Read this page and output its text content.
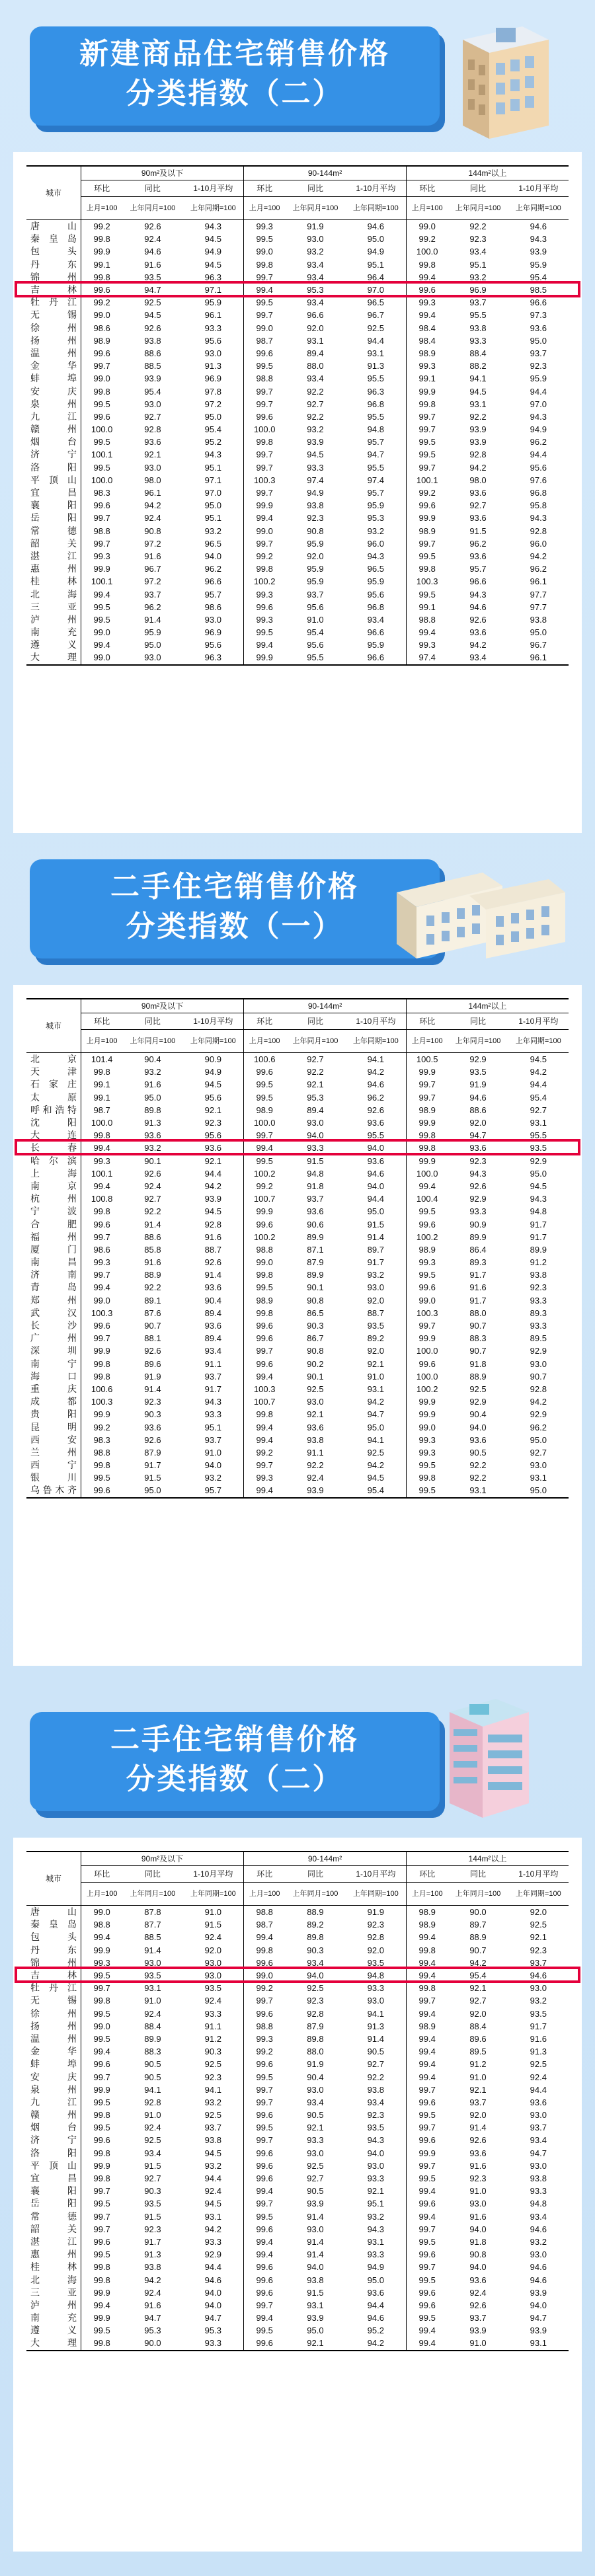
新建商品住宅销售价格
分类指数（二）
城市	90m²及以下			90-144m²			144m²以上		
	环比	同比	1-10月平均	环比	同比	1-10月平均	环比	同比	1-10月平均
	上月=100	上年同月=100	上年同期=100	上月=100	上年同月=100	上年同期=100	上月=100	上年同月=100	上年同期=100
唐　山	99.2	92.6	94.3	99.3	91.9	94.6	99.0	92.2	94.6
秦 皇 岛	99.8	92.4	94.5	99.5	93.0	95.0	99.2	92.3	94.3
包　头	99.9	94.6	94.9	99.0	93.2	94.9	100.0	93.4	93.9
丹　东	99.1	91.6	94.5	99.8	93.4	95.1	99.8	95.1	95.9
锦　州	99.8	93.5	96.3	99.7	93.4	96.4	99.4	93.2	95.4
吉　林	99.6	94.7	97.1	99.4	95.3	97.0	99.6	96.9	98.5
牡 丹 江	99.2	92.5	95.9	99.5	93.4	96.5	99.3	93.7	96.6
无　锡	99.0	94.5	96.1	99.7	96.6	96.7	99.4	95.5	97.3
徐　州	98.6	92.6	93.3	99.0	92.0	92.5	98.4	93.8	93.6
扬　州	98.9	93.8	95.6	98.7	93.1	94.4	98.4	93.3	95.0
温　州	99.6	88.6	93.0	99.6	89.4	93.1	98.9	88.4	93.7
金　华	99.7	88.5	91.3	99.5	88.0	91.3	99.3	88.2	92.3
蚌　埠	99.0	93.9	96.9	98.8	93.4	95.5	99.1	94.1	95.9
安　庆	99.8	95.4	97.8	99.7	92.2	96.3	99.9	94.5	94.4
泉　州	99.5	93.0	97.2	99.7	92.7	96.8	99.8	93.1	97.0
九　江	99.6	92.7	95.0	99.6	92.2	95.5	99.7	92.2	94.3
赣　州	100.0	92.8	95.4	100.0	93.2	94.8	99.7	93.9	94.9
烟　台	99.5	93.6	95.2	99.8	93.9	95.7	99.5	93.9	96.2
济　宁	100.1	92.1	94.3	99.7	94.5	94.7	99.5	92.8	94.4
洛　阳	99.5	93.0	95.1	99.7	93.3	95.5	99.7	94.2	95.6
平 顶 山	100.0	98.0	97.1	100.3	97.4	97.4	100.1	98.0	97.6
宜　昌	98.3	96.1	97.0	99.7	94.9	95.7	99.2	93.6	96.8
襄　阳	99.6	94.2	95.0	99.9	93.8	95.9	99.6	92.7	95.8
岳　阳	99.7	92.4	95.1	99.4	92.3	95.3	99.9	93.6	94.3
常　德	98.8	90.8	93.2	99.0	90.8	93.2	98.9	91.5	92.8
韶　关	99.7	97.2	96.5	99.7	95.9	96.0	99.7	96.2	96.0
湛　江	99.3	91.6	94.0	99.2	92.0	94.3	99.5	93.6	94.2
惠　州	99.9	96.7	96.2	99.8	95.9	96.5	99.8	95.7	96.2
桂　林	100.1	97.2	96.6	100.2	95.9	95.9	100.3	96.6	96.1
北　海	99.4	93.7	95.7	99.3	93.7	95.6	99.5	94.3	97.7
三　亚	99.5	96.2	98.6	99.6	95.6	96.8	99.1	94.6	97.7
泸　州	99.5	91.4	93.0	99.3	91.0	93.4	98.8	92.6	93.8
南　充	99.0	95.9	96.9	99.5	95.4	96.6	99.4	93.6	95.0
遵　义	99.4	95.0	95.6	99.4	95.6	95.9	99.3	94.2	96.7
大　理	99.0	93.0	96.3	99.9	95.5	96.6	97.4	93.4	96.1
二手住宅销售价格
分类指数（一）
城市	90m²及以下			90-144m²			144m²以上		
	环比	同比	1-10月平均	环比	同比	1-10月平均	环比	同比	1-10月平均
	上月=100	上年同月=100	上年同期=100	上月=100	上年同月=100	上年同期=100	上月=100	上年同月=100	上年同期=100
北　京	101.4	90.4	90.9	100.6	92.7	94.1	100.5	92.9	94.5
天　津	99.8	93.2	94.9	99.6	92.2	94.2	99.9	93.5	94.2
石 家 庄	99.1	91.6	94.5	99.5	92.1	94.6	99.7	91.9	94.4
太　原	99.1	95.0	95.6	99.5	95.3	96.2	99.7	94.6	95.4
呼和浩特	98.7	89.8	92.1	98.9	89.4	92.6	98.9	88.6	92.7
沈　阳	100.0	91.3	92.3	100.0	93.0	93.6	99.9	92.0	93.1
大　连	99.8	93.6	95.6	99.7	94.0	95.5	99.8	94.7	95.5
长　春	99.4	93.2	93.6	99.4	93.3	94.0	99.8	93.6	93.5
哈 尔 滨	99.3	90.1	92.1	99.5	91.5	93.6	99.9	92.3	92.9
上　海	100.1	92.6	94.4	100.2	94.8	94.6	100.0	94.3	95.0
南　京	99.4	92.4	94.2	99.2	91.8	94.0	99.4	92.6	94.5
杭　州	100.8	92.7	93.9	100.7	93.7	94.4	100.4	92.9	94.3
宁　波	99.8	92.2	94.5	99.9	93.6	95.0	99.5	93.3	94.8
合　肥	99.6	91.4	92.8	99.6	90.6	91.5	99.6	90.9	91.7
福　州	99.7	88.6	91.6	100.2	89.9	91.4	100.2	89.9	91.7
厦　门	98.6	85.8	88.7	98.8	87.1	89.7	98.9	86.4	89.9
南　昌	99.3	91.6	92.6	99.0	87.9	91.7	99.3	89.3	91.2
济　南	99.7	88.9	91.4	99.8	89.9	93.2	99.5	91.7	93.8
青　岛	99.4	92.2	93.6	99.5	90.1	93.0	99.6	91.6	92.3
郑　州	99.0	89.1	90.4	98.9	90.8	92.0	99.0	91.7	93.3
武　汉	100.3	87.6	89.4	99.8	86.5	88.7	100.3	88.0	89.3
长　沙	99.6	90.7	93.6	99.6	90.3	93.5	99.7	90.7	93.3
广　州	99.7	88.1	89.4	99.6	86.7	89.2	99.9	88.3	89.5
深　圳	99.9	92.6	93.4	99.7	90.8	92.0	100.0	90.7	92.9
南　宁	99.8	89.6	91.1	99.6	90.2	92.1	99.6	91.8	93.0
海　口	99.8	91.9	93.7	99.4	90.1	91.0	100.0	88.9	90.7
重　庆	100.6	91.4	91.7	100.3	92.5	93.1	100.2	92.5	92.8
成　都	100.3	92.3	94.3	100.7	93.0	94.2	99.9	92.9	94.2
贵　阳	99.9	90.3	93.3	99.8	92.1	94.7	99.9	90.4	92.9
昆　明	99.2	93.6	95.1	99.4	93.6	95.0	99.0	94.0	96.2
西　安	98.3	92.6	93.7	99.4	93.8	94.1	99.3	93.6	95.0
兰　州	98.8	87.9	91.0	99.2	91.1	92.5	99.3	90.5	92.7
西　宁	99.8	91.7	94.0	99.7	92.2	94.2	99.5	92.2	93.0
银　川	99.5	91.5	93.2	99.3	92.4	94.5	99.8	92.2	93.1
乌鲁木齐	99.6	95.0	95.7	99.4	93.9	95.4	99.5	93.1	95.0
二手住宅销售价格
分类指数（二）
城市	90m²及以下			90-144m²			144m²以上		
	环比	同比	1-10月平均	环比	同比	1-10月平均	环比	同比	1-10月平均
	上月=100	上年同月=100	上年同期=100	上月=100	上年同月=100	上年同期=100	上月=100	上年同月=100	上年同期=100
唐　山	99.0	87.8	91.0	98.8	88.9	91.9	98.9	90.0	92.0
秦 皇 岛	98.8	87.7	91.5	98.7	89.2	92.3	98.9	89.7	92.5
包　头	99.4	88.5	92.4	99.4	89.8	92.8	99.4	88.9	92.1
丹　东	99.9	91.4	92.0	99.8	90.3	92.0	99.8	90.7	92.3
锦　州	99.3	93.0	93.0	99.6	93.4	93.5	99.4	94.2	93.7
吉　林	99.5	93.5	93.0	99.0	94.0	94.8	99.4	95.4	94.6
牡 丹 江	99.7	93.1	93.5	99.2	92.5	93.3	99.8	92.1	93.0
无　锡	99.8	91.0	92.4	99.7	92.3	93.0	99.7	92.7	93.2
徐　州	99.5	92.4	93.3	99.6	92.8	94.1	99.4	92.0	93.5
扬　州	99.0	88.4	91.1	98.8	87.9	91.3	98.9	88.4	91.7
温　州	99.5	89.9	91.2	99.3	89.8	91.4	99.4	89.6	91.6
金　华	99.4	88.3	90.3	99.2	88.0	90.5	99.4	89.5	91.3
蚌　埠	99.6	90.5	92.5	99.6	91.9	92.7	99.4	91.2	92.5
安　庆	99.7	90.5	92.3	99.5	90.4	92.2	99.4	91.0	92.4
泉　州	99.9	94.1	94.1	99.7	93.0	93.8	99.7	92.1	94.4
九　江	99.5	92.8	93.2	99.7	93.4	93.4	99.6	93.7	93.6
赣　州	99.8	91.0	92.5	99.6	90.5	92.3	99.5	92.0	93.0
烟　台	99.5	92.4	93.7	99.5	92.1	93.5	99.7	91.4	93.7
济　宁	99.6	92.5	93.8	99.7	93.3	94.3	99.6	92.6	93.4
洛　阳	99.8	93.4	94.5	99.6	93.0	94.0	99.9	93.6	94.7
平 顶 山	99.9	91.5	93.2	99.6	92.5	93.0	99.7	91.6	93.0
宜　昌	99.8	92.7	94.4	99.6	92.7	93.3	99.5	92.3	93.8
襄　阳	99.7	90.3	92.4	99.4	90.5	92.1	99.4	91.0	93.3
岳　阳	99.5	93.5	94.5	99.7	93.9	95.1	99.6	93.0	94.8
常　德	99.7	91.5	93.1	99.5	91.4	93.2	99.4	91.6	93.4
韶　关	99.7	92.3	94.2	99.6	93.0	94.3	99.7	94.0	94.6
湛　江	99.6	91.7	93.3	99.4	91.4	93.1	99.5	91.8	93.2
惠　州	99.5	91.3	92.9	99.4	91.4	93.3	99.6	90.8	93.0
桂　林	99.8	93.8	94.4	99.6	94.0	94.9	99.7	94.0	94.6
北　海	99.8	94.2	94.6	99.6	93.8	95.0	99.5	93.6	94.6
三　亚	99.9	92.4	94.0	99.6	91.5	93.6	99.6	92.4	93.9
泸　州	99.4	91.6	94.0	99.7	93.1	94.4	99.6	92.6	94.0
南　充	99.9	94.7	94.7	99.4	93.9	94.6	99.5	93.7	94.7
遵　义	99.5	95.3	95.3	99.5	95.0	95.2	99.4	93.9	93.9
大　理	99.8	90.0	93.3	99.6	92.1	94.2	99.4	91.0	93.1
